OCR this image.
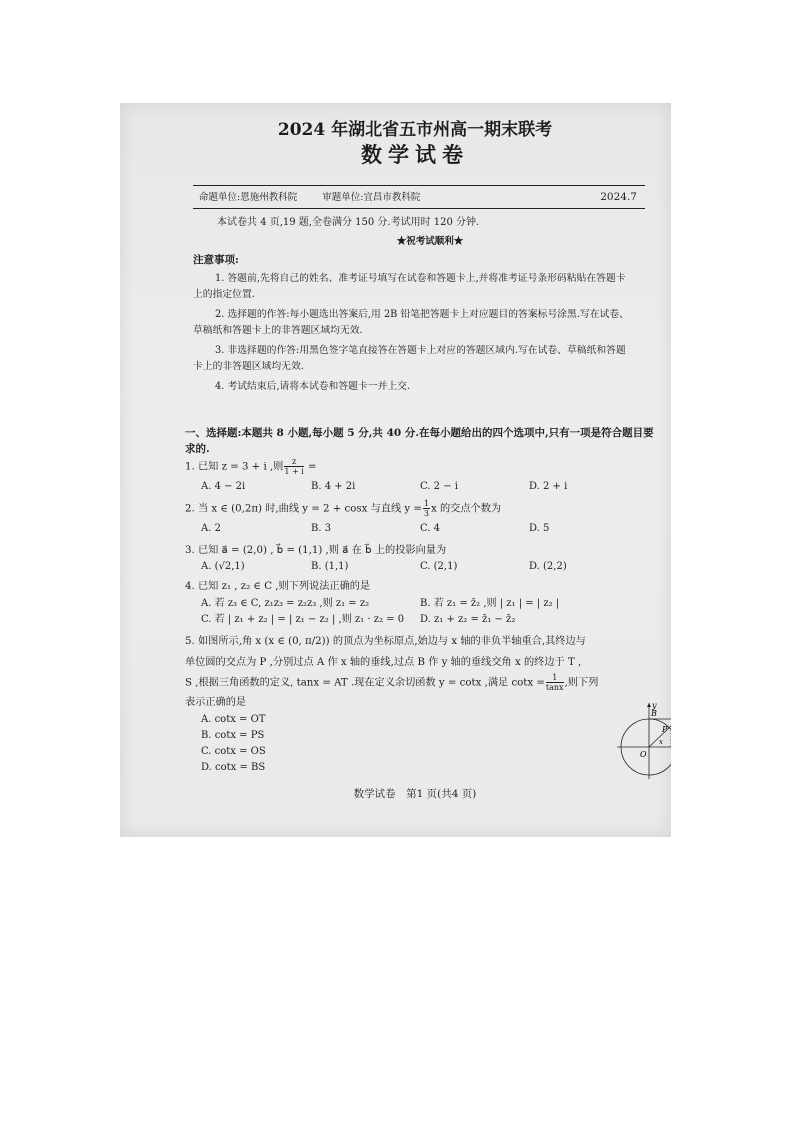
2024 年湖北省五市州高一期末联考
数学试卷
命题单位:恩施州教科院	审题单位:宜昌市教科院	2024.7
本试卷共 4 页,19 题,全卷满分 150 分.考试用时 120 分钟.
★祝考试顺利★
注意事项:
1. 答题前,先将自己的姓名、准考证号填写在试卷和答题卡上,并将准考证号条形码粘贴在答题卡上的指定位置.
2. 选择题的作答:每小题选出答案后,用 2B 铅笔把答题卡上对应题目的答案标号涂黑.写在试卷、草稿纸和答题卡上的非答题区域均无效.
3. 非选择题的作答:用黑色签字笔直接答在答题卡上对应的答题区域内.写在试卷、草稿纸和答题卡上的非答题区域均无效.
4. 考试结束后,请将本试卷和答题卡一并上交.
一、选择题:本题共 8 小题,每小题 5 分,共 40 分.在每小题给出的四个选项中,只有一项是符合题目要求的.
1. 已知 z = 3 + i ,则 $\frac{z}{1 + i}$ =
A. 4 − 2i	B. 4 + 2i	C. 2 − i	D. 2 + i
2. 当 x ∈ (0,2π) 时,曲线 y = 2 + cosx 与直线 $y = \frac{1}{3}$ x 的交点个数为
A. 2	B. 3	C. 4	D. 5
3. 已知 a⃗ = (2,0) , b⃗ = (1,1) ,则 a⃗ 在 b⃗ 上的投影向量为
A. (√2,1)	B. (1,1)	C. (2,1)	D. (2,2)
4. 已知 z₁ , z₂ ∈ C ,则下列说法正确的是
A. 若 z₃ ∈ C, z₁z₃ = z₂z₃ ,则 z₁ = z₂	B. 若 z₁ = z̄₂ ,则 | z₁ | = | z₂ |
C. 若 | z₁ + z₂ | = | z₁ − z₂ | ,则 z₁ · z₂ = 0 D. z₁ + z₂ = z̄₁ − z̄₂
5. 如图所示,角 x (x ∈ (0, π/2)) 的顶点为坐标原点,始边与 x 轴的非负半轴重合,其终边与
单位圆的交点为 P ,分别过点 A 作 x 轴的垂线,过点 B 作 y 轴的垂线交角 x 的终边于 T ,
S ,根据三角函数的定义, tanx = AT .现在定义余切函数 y = cotx ,满足 $\cot x = \frac{1}{\tan x}$ ,则下列
表示正确的是
A. cotx = OT
B. cotx = PS
C. cotx = OS
D. cotx = BS
y
B
S
P T
x
O	A x
数学试卷　第1 页(共4 页)
